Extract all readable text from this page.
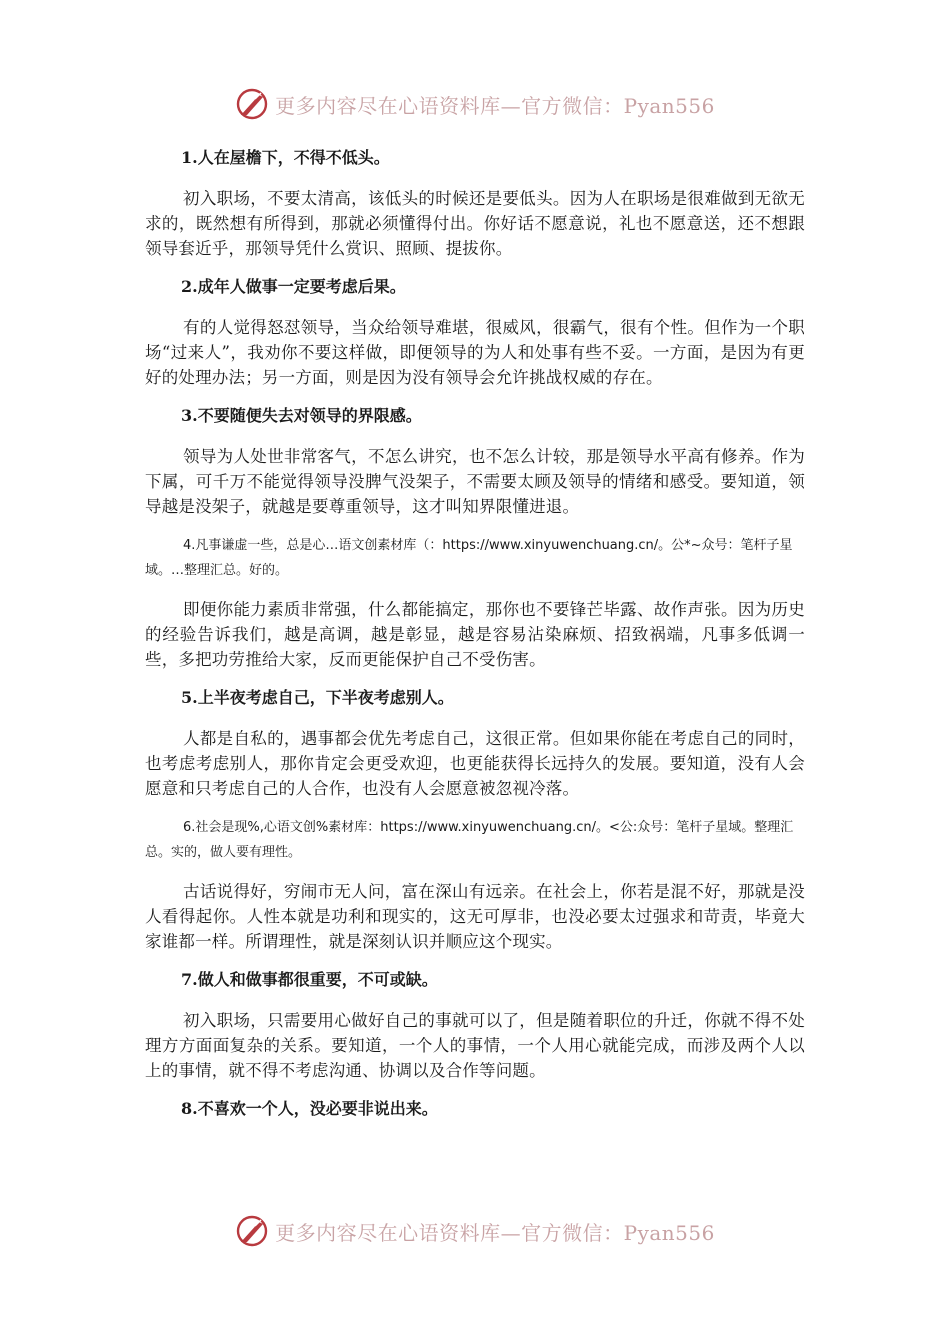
更多内容尽在心语资料库—官方微信：Pyan556
1.人在屋檐下，不得不低头。

初入职场，不要太清高，该低头的时候还是要低头。因为人在职场是很难做到无欲无求的，既然想有所得到，那就必须懂得付出。你好话不愿意说，礼也不愿意送，还不想跟领导套近乎，那领导凭什么赏识、照顾、提拔你。

2.成年人做事一定要考虑后果。

有的人觉得怒怼领导，当众给领导难堪，很威风，很霸气，很有个性。但作为一个职场“过来人”，我劝你不要这样做，即便领导的为人和处事有些不妥。一方面，是因为有更好的处理办法；另一方面，则是因为没有领导会允许挑战权威的存在。

3.不要随便失去对领导的界限感。

领导为人处世非常客气，不怎么讲究，也不怎么计较，那是领导水平高有修养。作为下属，可千万不能觉得领导没脾气没架子，不需要太顾及领导的情绪和感受。要知道，领导越是没架子，就越是要尊重领导，这才叫知界限懂进退。

4.凡事谦虚一些，总是心…语文创素材库（：https://www.xinyuwenchuang.cn/。公*~众号：笔杆子星域。…整理汇总。好的。

即便你能力素质非常强，什么都能搞定，那你也不要锋芒毕露、故作声张。因为历史的经验告诉我们，越是高调，越是彰显，越是容易沾染麻烦、招致祸端，凡事多低调一些，多把功劳推给大家，反而更能保护自己不受伤害。

5.上半夜考虑自己，下半夜考虑别人。

人都是自私的，遇事都会优先考虑自己，这很正常。但如果你能在考虑自己的同时，也考虑考虑别人，那你肯定会更受欢迎，也更能获得长远持久的发展。要知道，没有人会愿意和只考虑自己的人合作，也没有人会愿意被忽视冷落。

6.社会是现%,心语文创%素材库：https://www.xinyuwenchuang.cn/。<公:众号：笔杆子星域。整理汇总。实的，做人要有理性。

古话说得好，穷闹市无人问，富在深山有远亲。在社会上，你若是混不好，那就是没人看得起你。人性本就是功利和现实的，这无可厚非，也没必要太过强求和苛责，毕竟大家谁都一样。所谓理性，就是深刻认识并顺应这个现实。

7.做人和做事都很重要，不可或缺。

初入职场，只需要用心做好自己的事就可以了，但是随着职位的升迁，你就不得不处理方方面面复杂的关系。要知道，一个人的事情，一个人用心就能完成，而涉及两个人以上的事情，就不得不考虑沟通、协调以及合作等问题。

8.不喜欢一个人，没必要非说出来。
更多内容尽在心语资料库—官方微信：Pyan556
